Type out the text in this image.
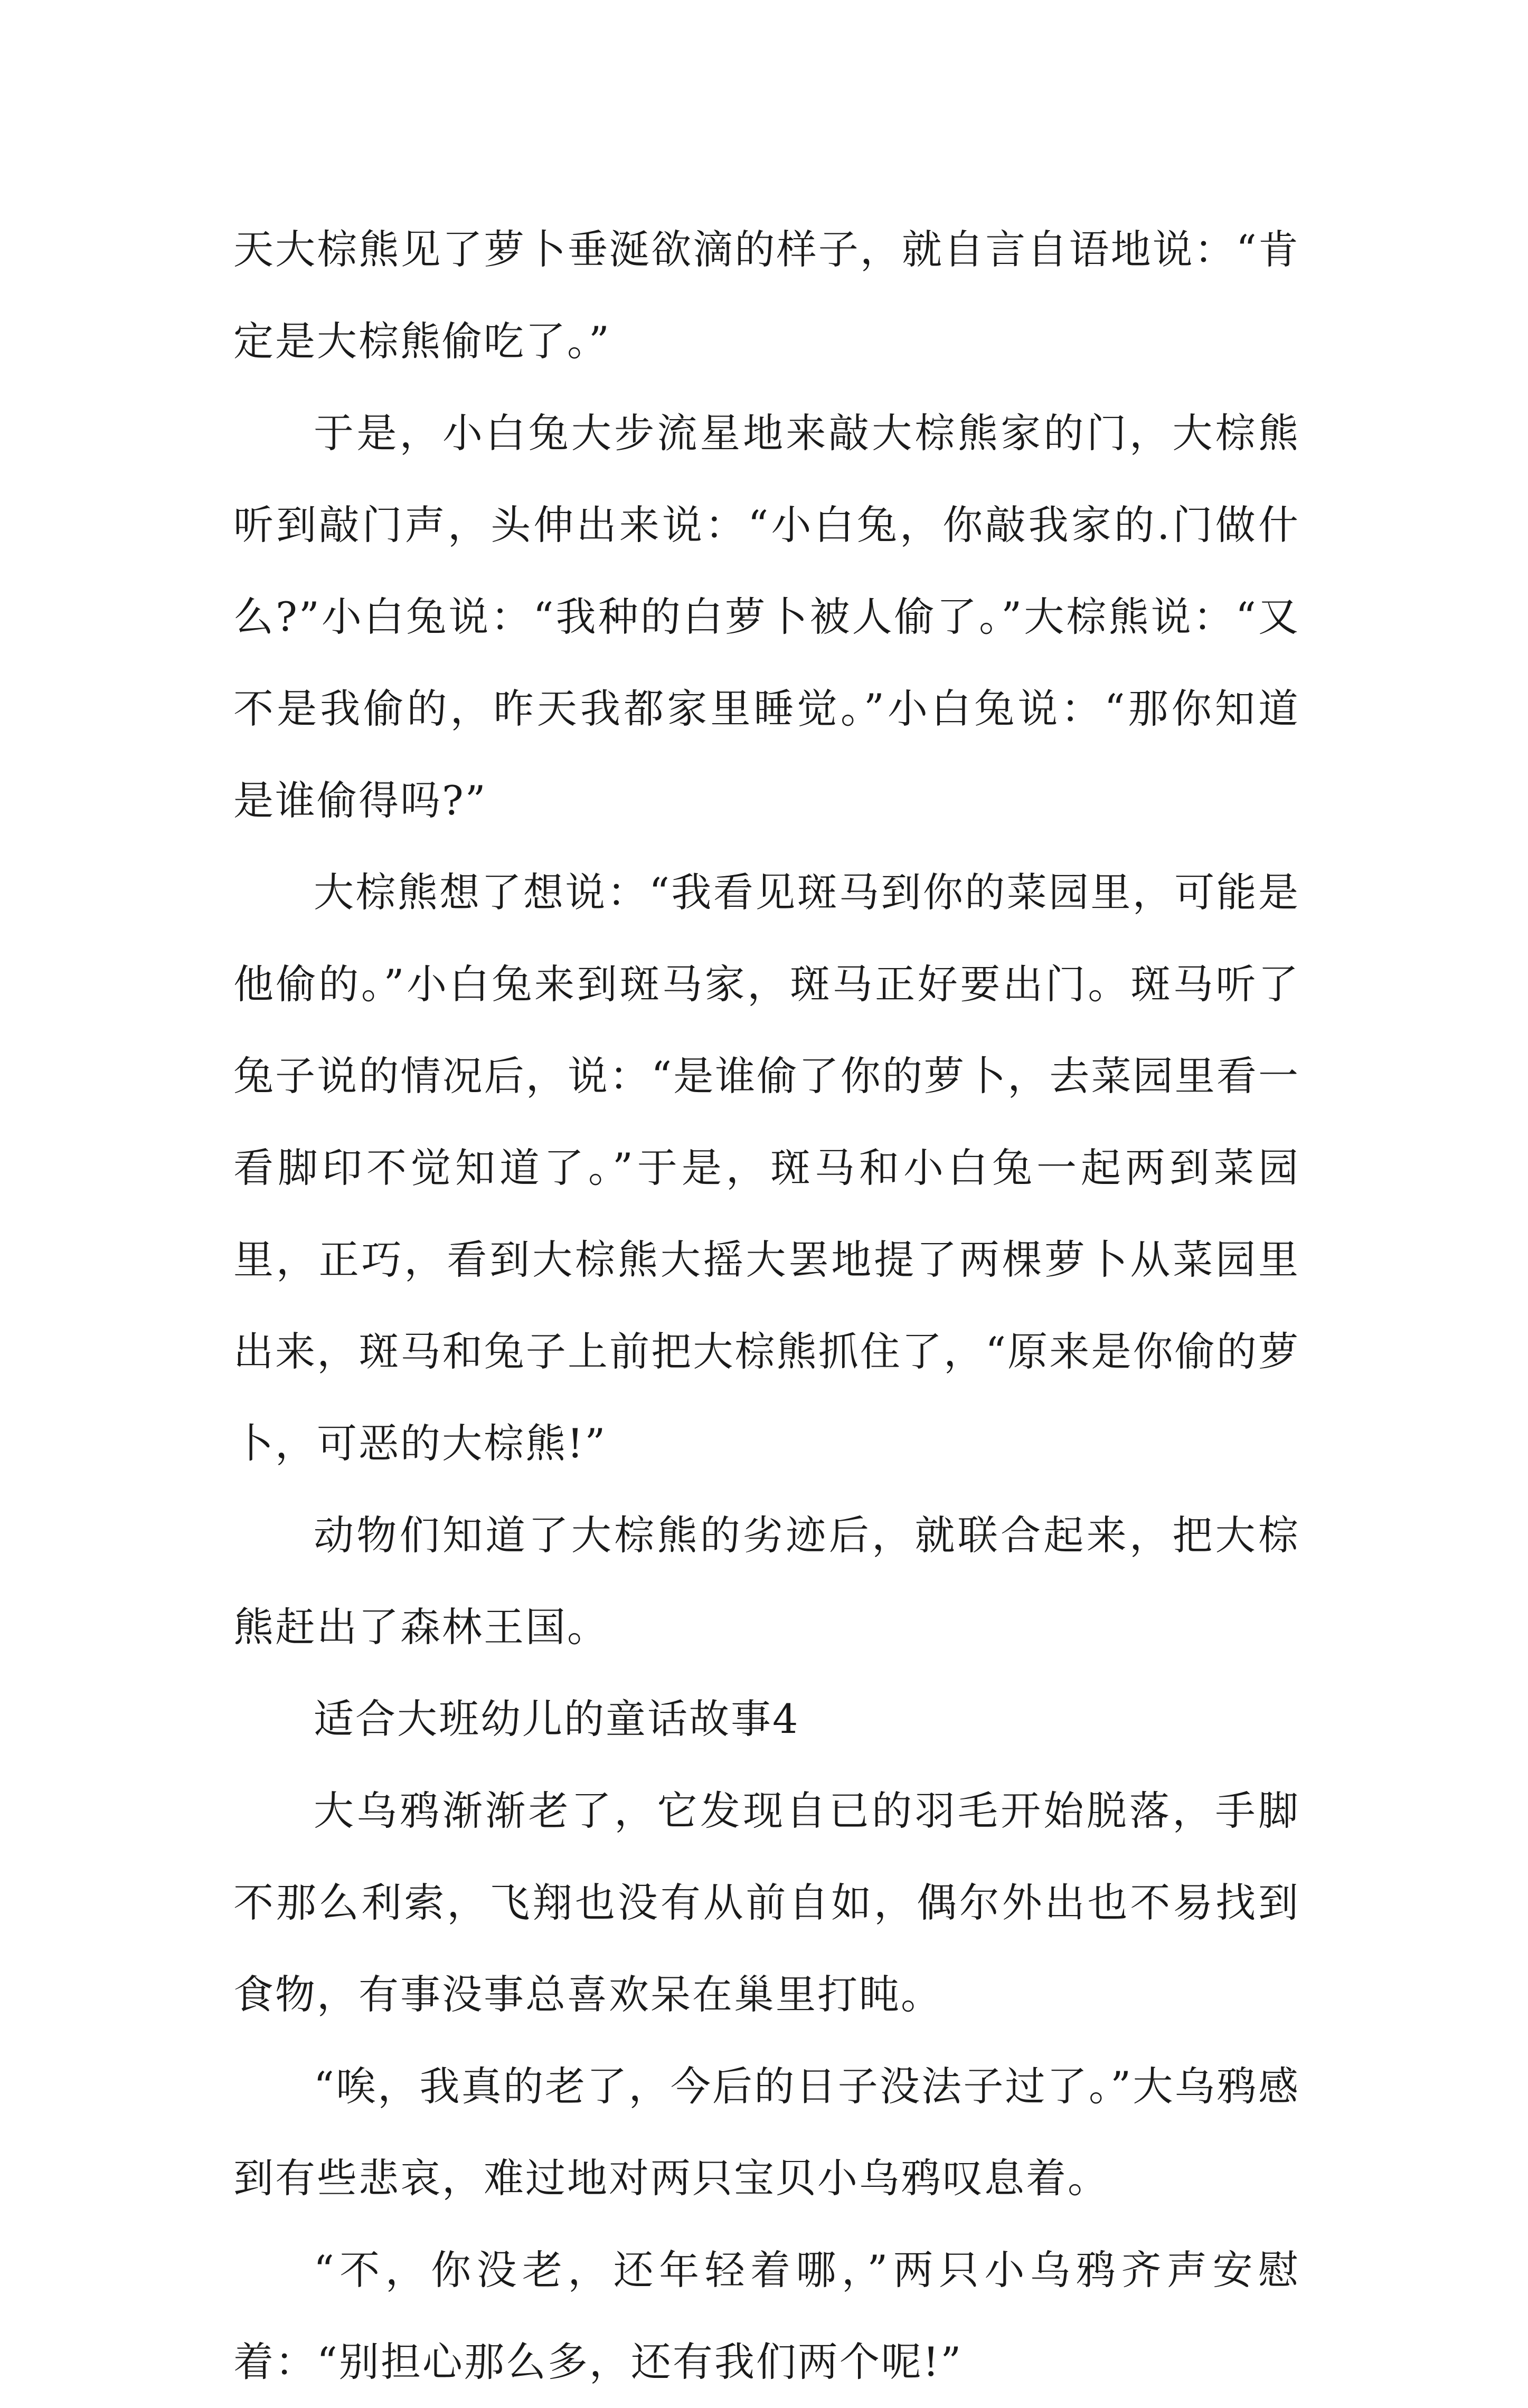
天大棕熊见了萝卜垂涎欲滴的样子，就自言自语地说：“肯定是大棕熊偷吃了。”

于是，小白兔大步流星地来敲大棕熊家的门，大棕熊听到敲门声，头伸出来说：“小白兔，你敲我家的.门做什么?”小白兔说：“我种的白萝卜被人偷了。”大棕熊说：“又不是我偷的，昨天我都家里睡觉。”小白兔说：“那你知道是谁偷得吗?”

大棕熊想了想说：“我看见斑马到你的菜园里，可能是他偷的。”小白兔来到斑马家，斑马正好要出门。斑马听了兔子说的情况后，说：“是谁偷了你的萝卜，去菜园里看一看脚印不觉知道了。”于是，斑马和小白兔一起两到菜园里，正巧，看到大棕熊大摇大罢地提了两棵萝卜从菜园里出来，斑马和兔子上前把大棕熊抓住了，“原来是你偷的萝卜，可恶的大棕熊!”

动物们知道了大棕熊的劣迹后，就联合起来，把大棕熊赶出了森林王国。

适合大班幼儿的童话故事4

大乌鸦渐渐老了，它发现自已的羽毛开始脱落，手脚不那么利索，飞翔也没有从前自如，偶尔外出也不易找到食物，有事没事总喜欢呆在巢里打盹。

“唉，我真的老了，今后的日子没法子过了。”大乌鸦感到有些悲哀，难过地对两只宝贝小乌鸦叹息着。

“不，你没老，还年轻着哪，”两只小乌鸦齐声安慰着：“别担心那么多，还有我们两个呢!”
